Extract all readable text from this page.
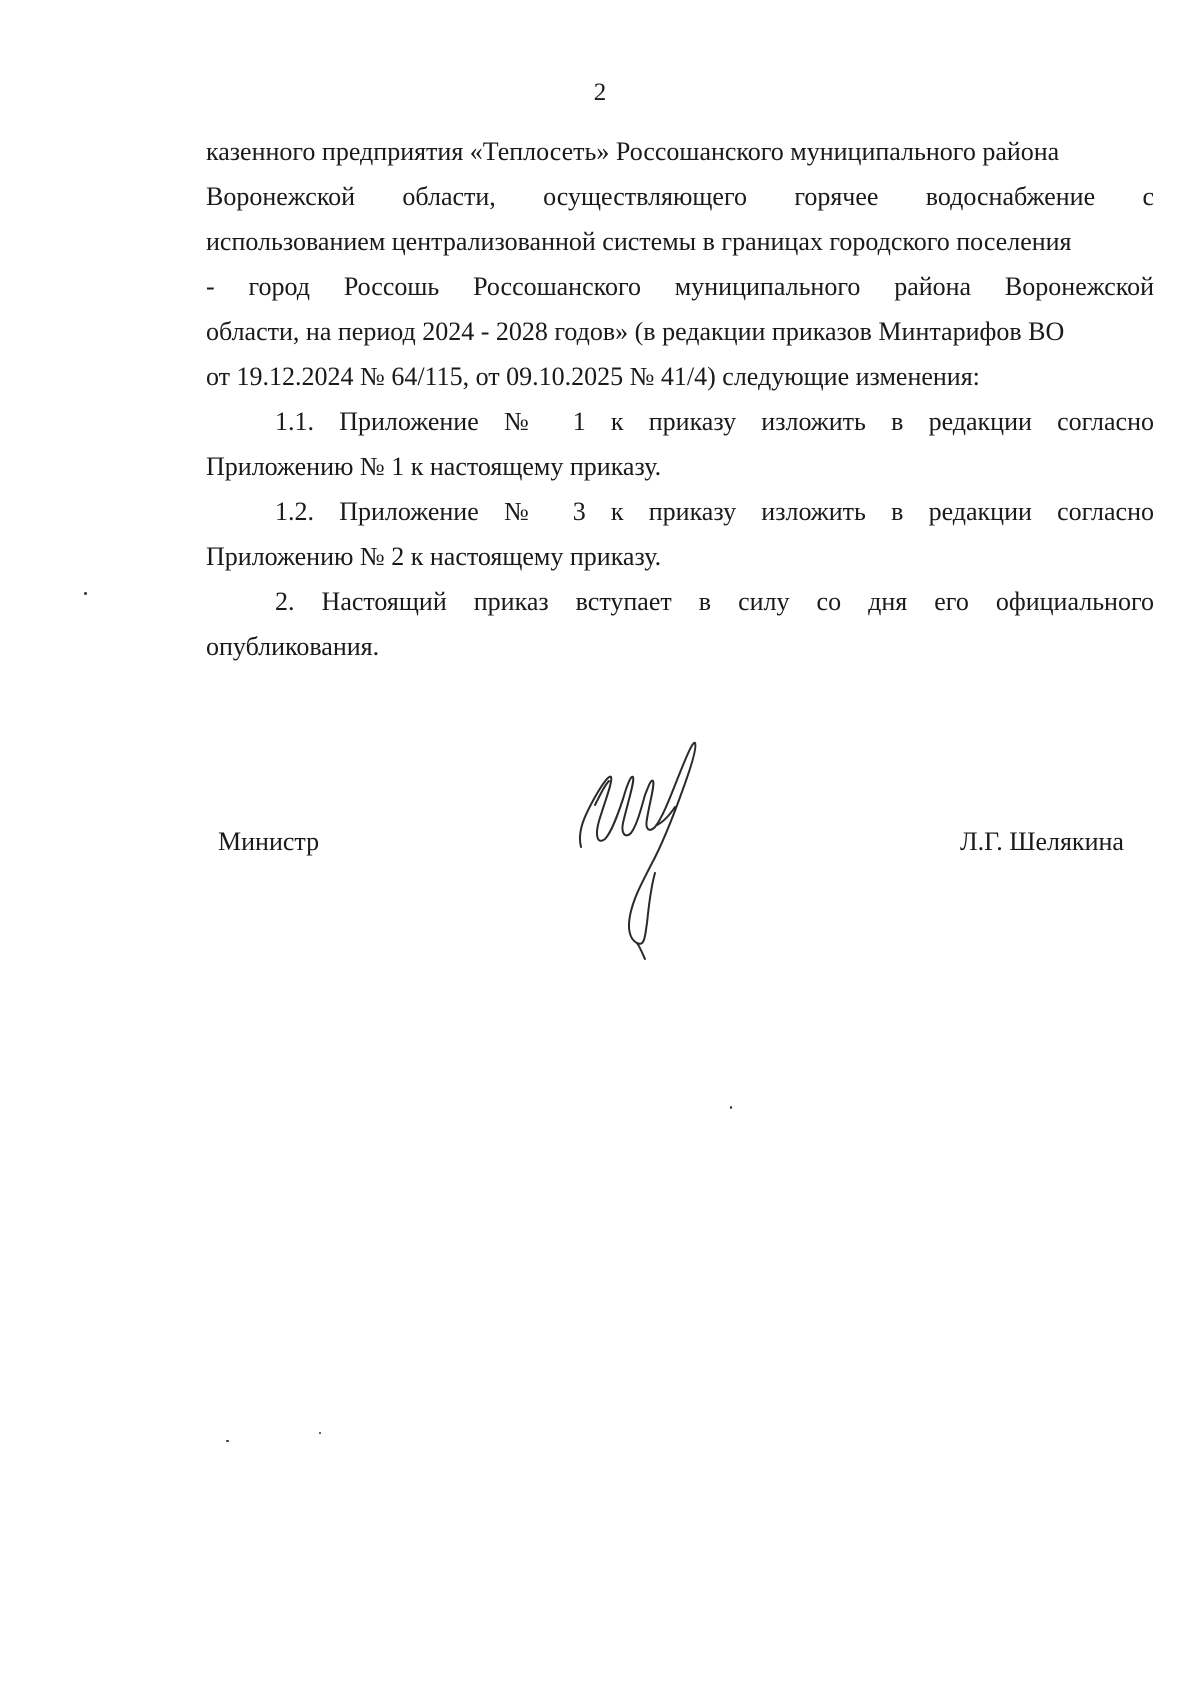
2
казенного предприятия «Теплосеть» Россошанского муниципального района
Воронежской области, осуществляющего горячее водоснабжение с
использованием централизованной системы в границах городского поселения
- город Россошь Россошанского муниципального района Воронежской
области, на период 2024 - 2028 годов» (в редакции приказов Минтарифов ВО
от 19.12.2024 № 64/115, от 09.10.2025 № 41/4) следующие изменения:
1.1. Приложение № 1 к приказу изложить в редакции согласно
Приложению № 1 к настоящему приказу.
1.2. Приложение № 3 к приказу изложить в редакции согласно
Приложению № 2 к настоящему приказу.
2. Настоящий приказ вступает в силу со дня его официального
опубликования.
Министр	Л.Г. Шелякина
